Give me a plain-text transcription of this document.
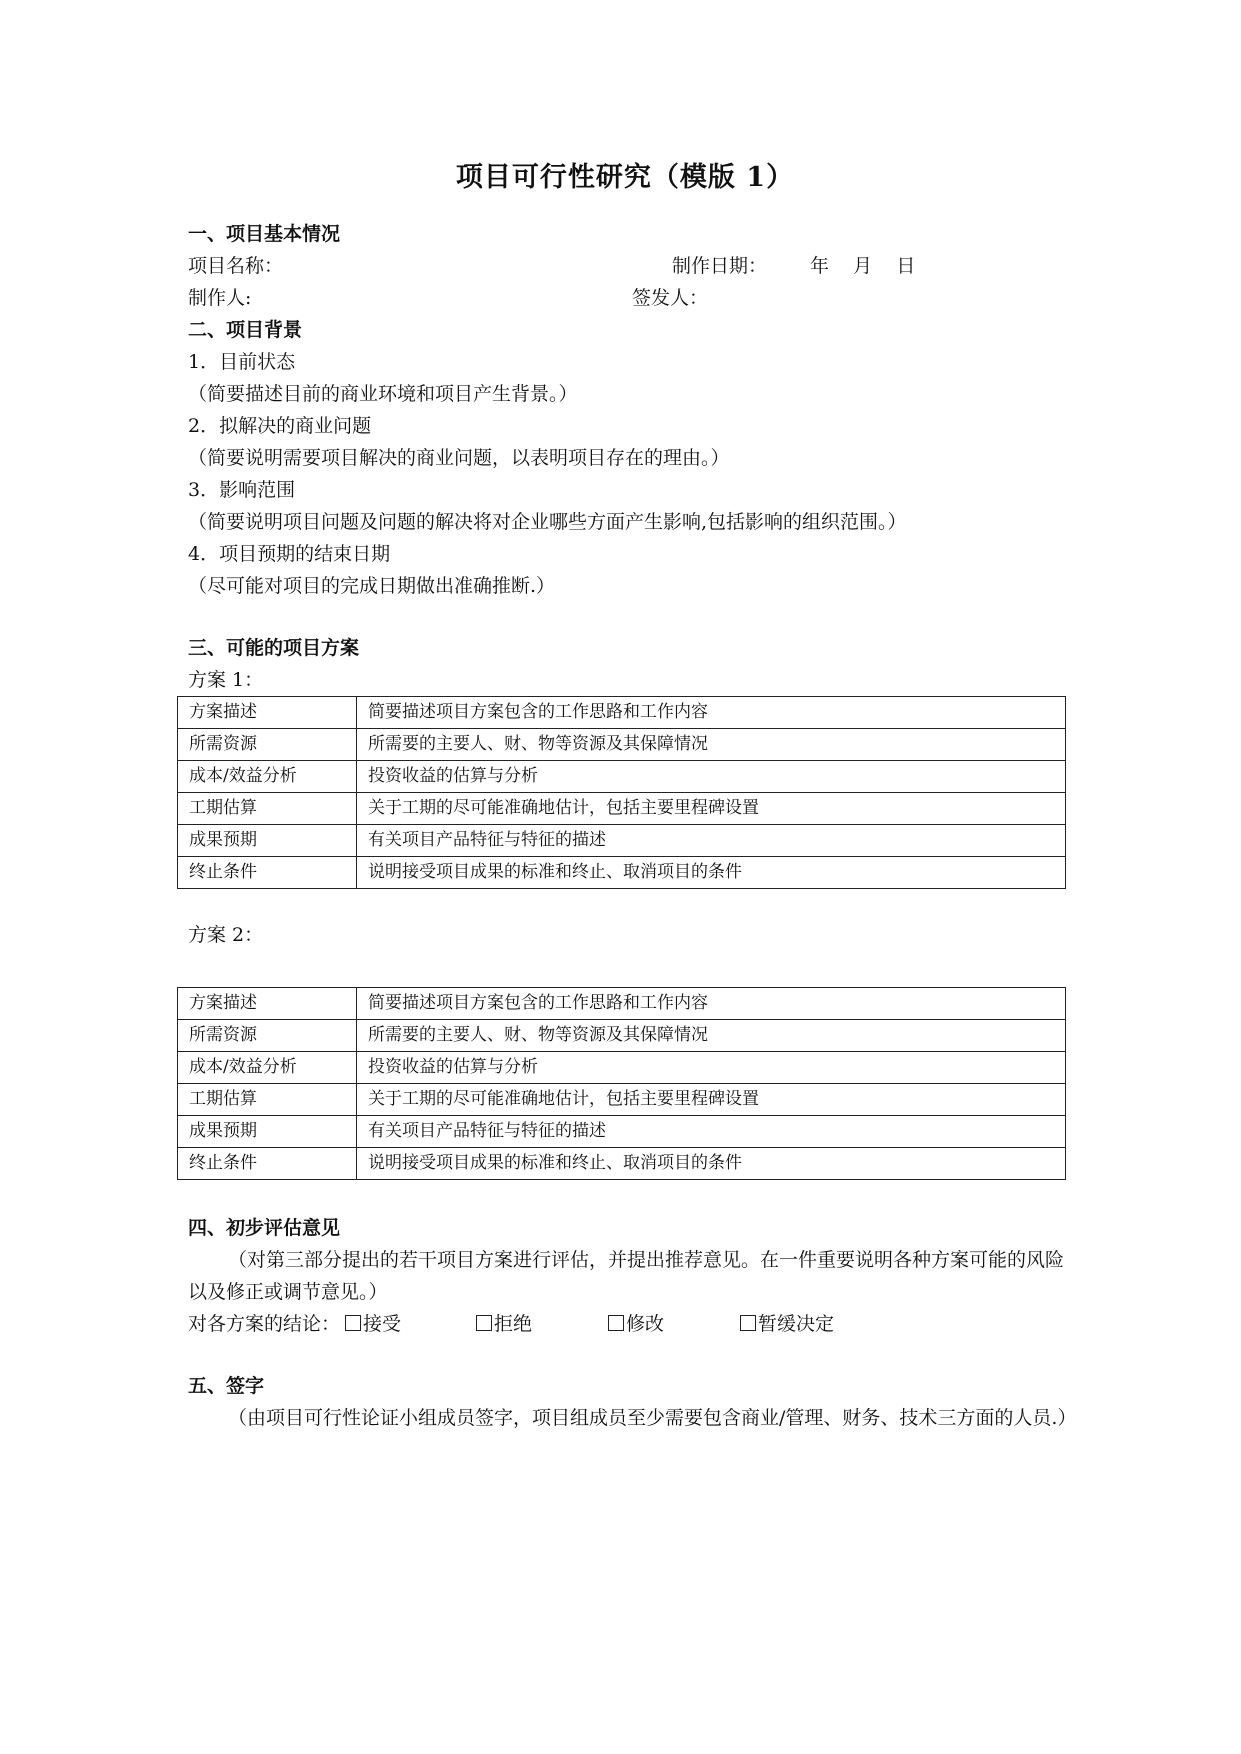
项目可行性研究（模版 1）
一、项目基本情况
项目名称：	制作日期： 年    月    日
制作人:	签发人：
二、项目背景
1．目前状态
（简要描述目前的商业环境和项目产生背景。）
2．拟解决的商业问题
（简要说明需要项目解决的商业问题，以表明项目存在的理由。）
3．影响范围
（简要说明项目问题及问题的解决将对企业哪些方面产生影响,包括影响的组织范围。）
4．项目预期的结束日期
（尽可能对项目的完成日期做出准确推断.）
三、可能的项目方案
方案 1：
方案描述	简要描述项目方案包含的工作思路和工作内容
所需资源	所需要的主要人、财、物等资源及其保障情况
成本/效益分析	投资收益的估算与分析
工期估算	关于工期的尽可能准确地估计，包括主要里程碑设置
成果预期	有关项目产品特征与特征的描述
终止条件	说明接受项目成果的标准和终止、取消项目的条件
方案 2：
方案描述	简要描述项目方案包含的工作思路和工作内容
所需资源	所需要的主要人、财、物等资源及其保障情况
成本/效益分析	投资收益的估算与分析
工期估算	关于工期的尽可能准确地估计，包括主要里程碑设置
成果预期	有关项目产品特征与特征的描述
终止条件	说明接受项目成果的标准和终止、取消项目的条件
四、初步评估意见
（对第三部分提出的若干项目方案进行评估，并提出推荐意见。在一件重要说明各种方案可能的风险以及修正或调节意见。）
对各方案的结论：	接受	拒绝	修改	暂缓决定
五、签字
（由项目可行性论证小组成员签字，项目组成员至少需要包含商业/管理、财务、技术三方面的人员.）
